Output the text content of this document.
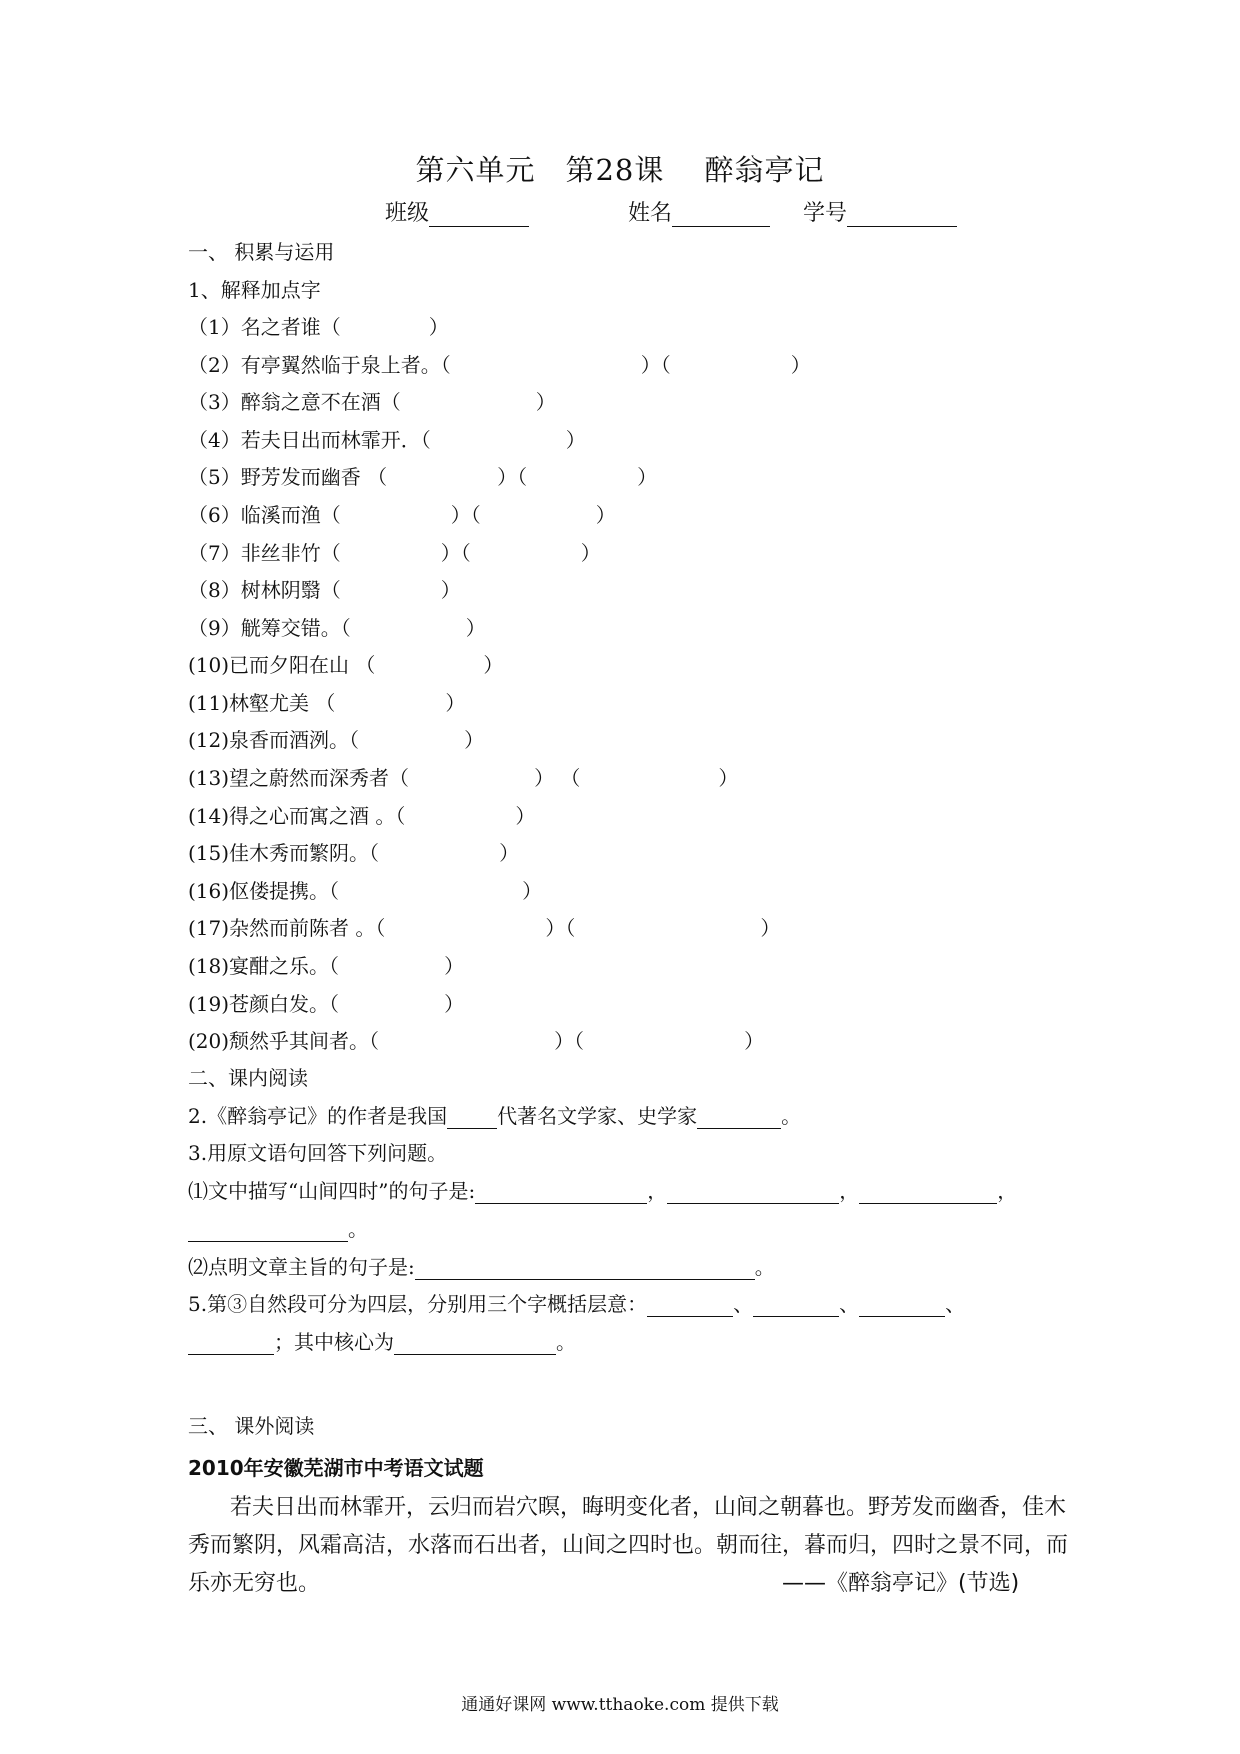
第六单元　第28课　 醉翁亭记
班级	姓名	学号
一、 积累与运用
1、解释加点字
（1）名之者谁（	）
（2）有亭翼然临于泉上者。（	）（	）
（3）醉翁之意不在酒（	）
（4）若夫日出而林霏开．（	）
（5）野芳发而幽香 （	）（	）
（6）临溪而渔（	）（	）
（7）非丝非竹（	）（	）
（8）树林阴翳（	）
（9）觥筹交错。（	）
(10)已而夕阳在山 （	）
(11)林壑尤美 （	）
(12)泉香而酒洌。（	）
(13)望之蔚然而深秀者（	） （	）
(14)得之心而寓之酒 。（	）
(15)佳木秀而繁阴。（	）
(16)伛偻提携。（	）
(17)杂然而前陈者 。（	）（	）
(18)宴酣之乐。（	）
(19)苍颜白发。（	）
(20)颓然乎其间者。（	）（	）
二、课内阅读
2.《醉翁亭记》的作者是我国	代著名文学家、史学家	。
3.用原文语句回答下列问题。
⑴文中描写“山间四时”的句子是:	，	，	，
。
⑵点明文章主旨的句子是:	。
5.第③自然段可分为四层，分别用三个字概括层意：	、	、	、
；其中核心为	。
三、 课外阅读
2010年安徽芜湖市中考语文试题
若夫日出而林霏开，云归而岩穴暝，晦明变化者，山间之朝暮也。野芳发而幽香，佳木
秀而繁阴，风霜高洁，水落而石出者，山间之四时也。朝而往，暮而归，四时之景不同，而
乐亦无穷也。	——《醉翁亭记》(节选)
通通好课网 www.tthaoke.com 提供下载
